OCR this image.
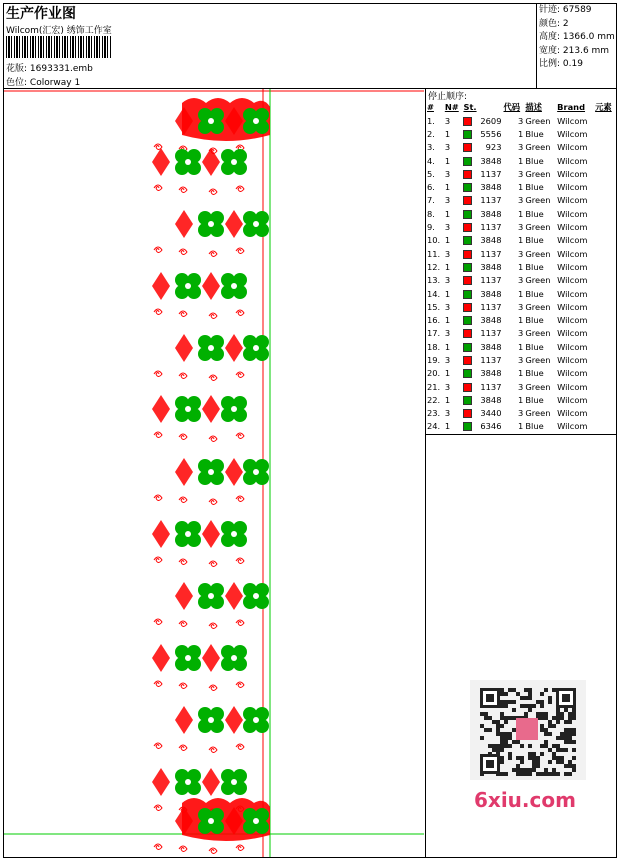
生产作业图
Wilcom(汇宏) 绣饰工作室
花版: 1693331.emb
色位: Colorway 1
针迹: 67589
颜色: 2
高度: 1366.0 mm
宽度: 213.6 mm
比例: 0.19
停止顺序:
#	N#	St.		代码	描述	Brand	元素
1.	3		2609	3	Green	Wilcom	
2.	1		5556	1	Blue	Wilcom	
3.	3		923	3	Green	Wilcom	
4.	1		3848	1	Blue	Wilcom	
5.	3		1137	3	Green	Wilcom	
6.	1		3848	1	Blue	Wilcom	
7.	3		1137	3	Green	Wilcom	
8.	1		3848	1	Blue	Wilcom	
9.	3		1137	3	Green	Wilcom	
10.	1		3848	1	Blue	Wilcom	
11.	3		1137	3	Green	Wilcom	
12.	1		3848	1	Blue	Wilcom	
13.	3		1137	3	Green	Wilcom	
14.	1		3848	1	Blue	Wilcom	
15.	3		1137	3	Green	Wilcom	
16.	1		3848	1	Blue	Wilcom	
17.	3		1137	3	Green	Wilcom	
18.	1		3848	1	Blue	Wilcom	
19.	3		1137	3	Green	Wilcom	
20.	1		3848	1	Blue	Wilcom	
21.	3		1137	3	Green	Wilcom	
22.	1		3848	1	Blue	Wilcom	
23.	3		3440	3	Green	Wilcom	
24.	1		6346	1	Blue	Wilcom	
6xiu.com
